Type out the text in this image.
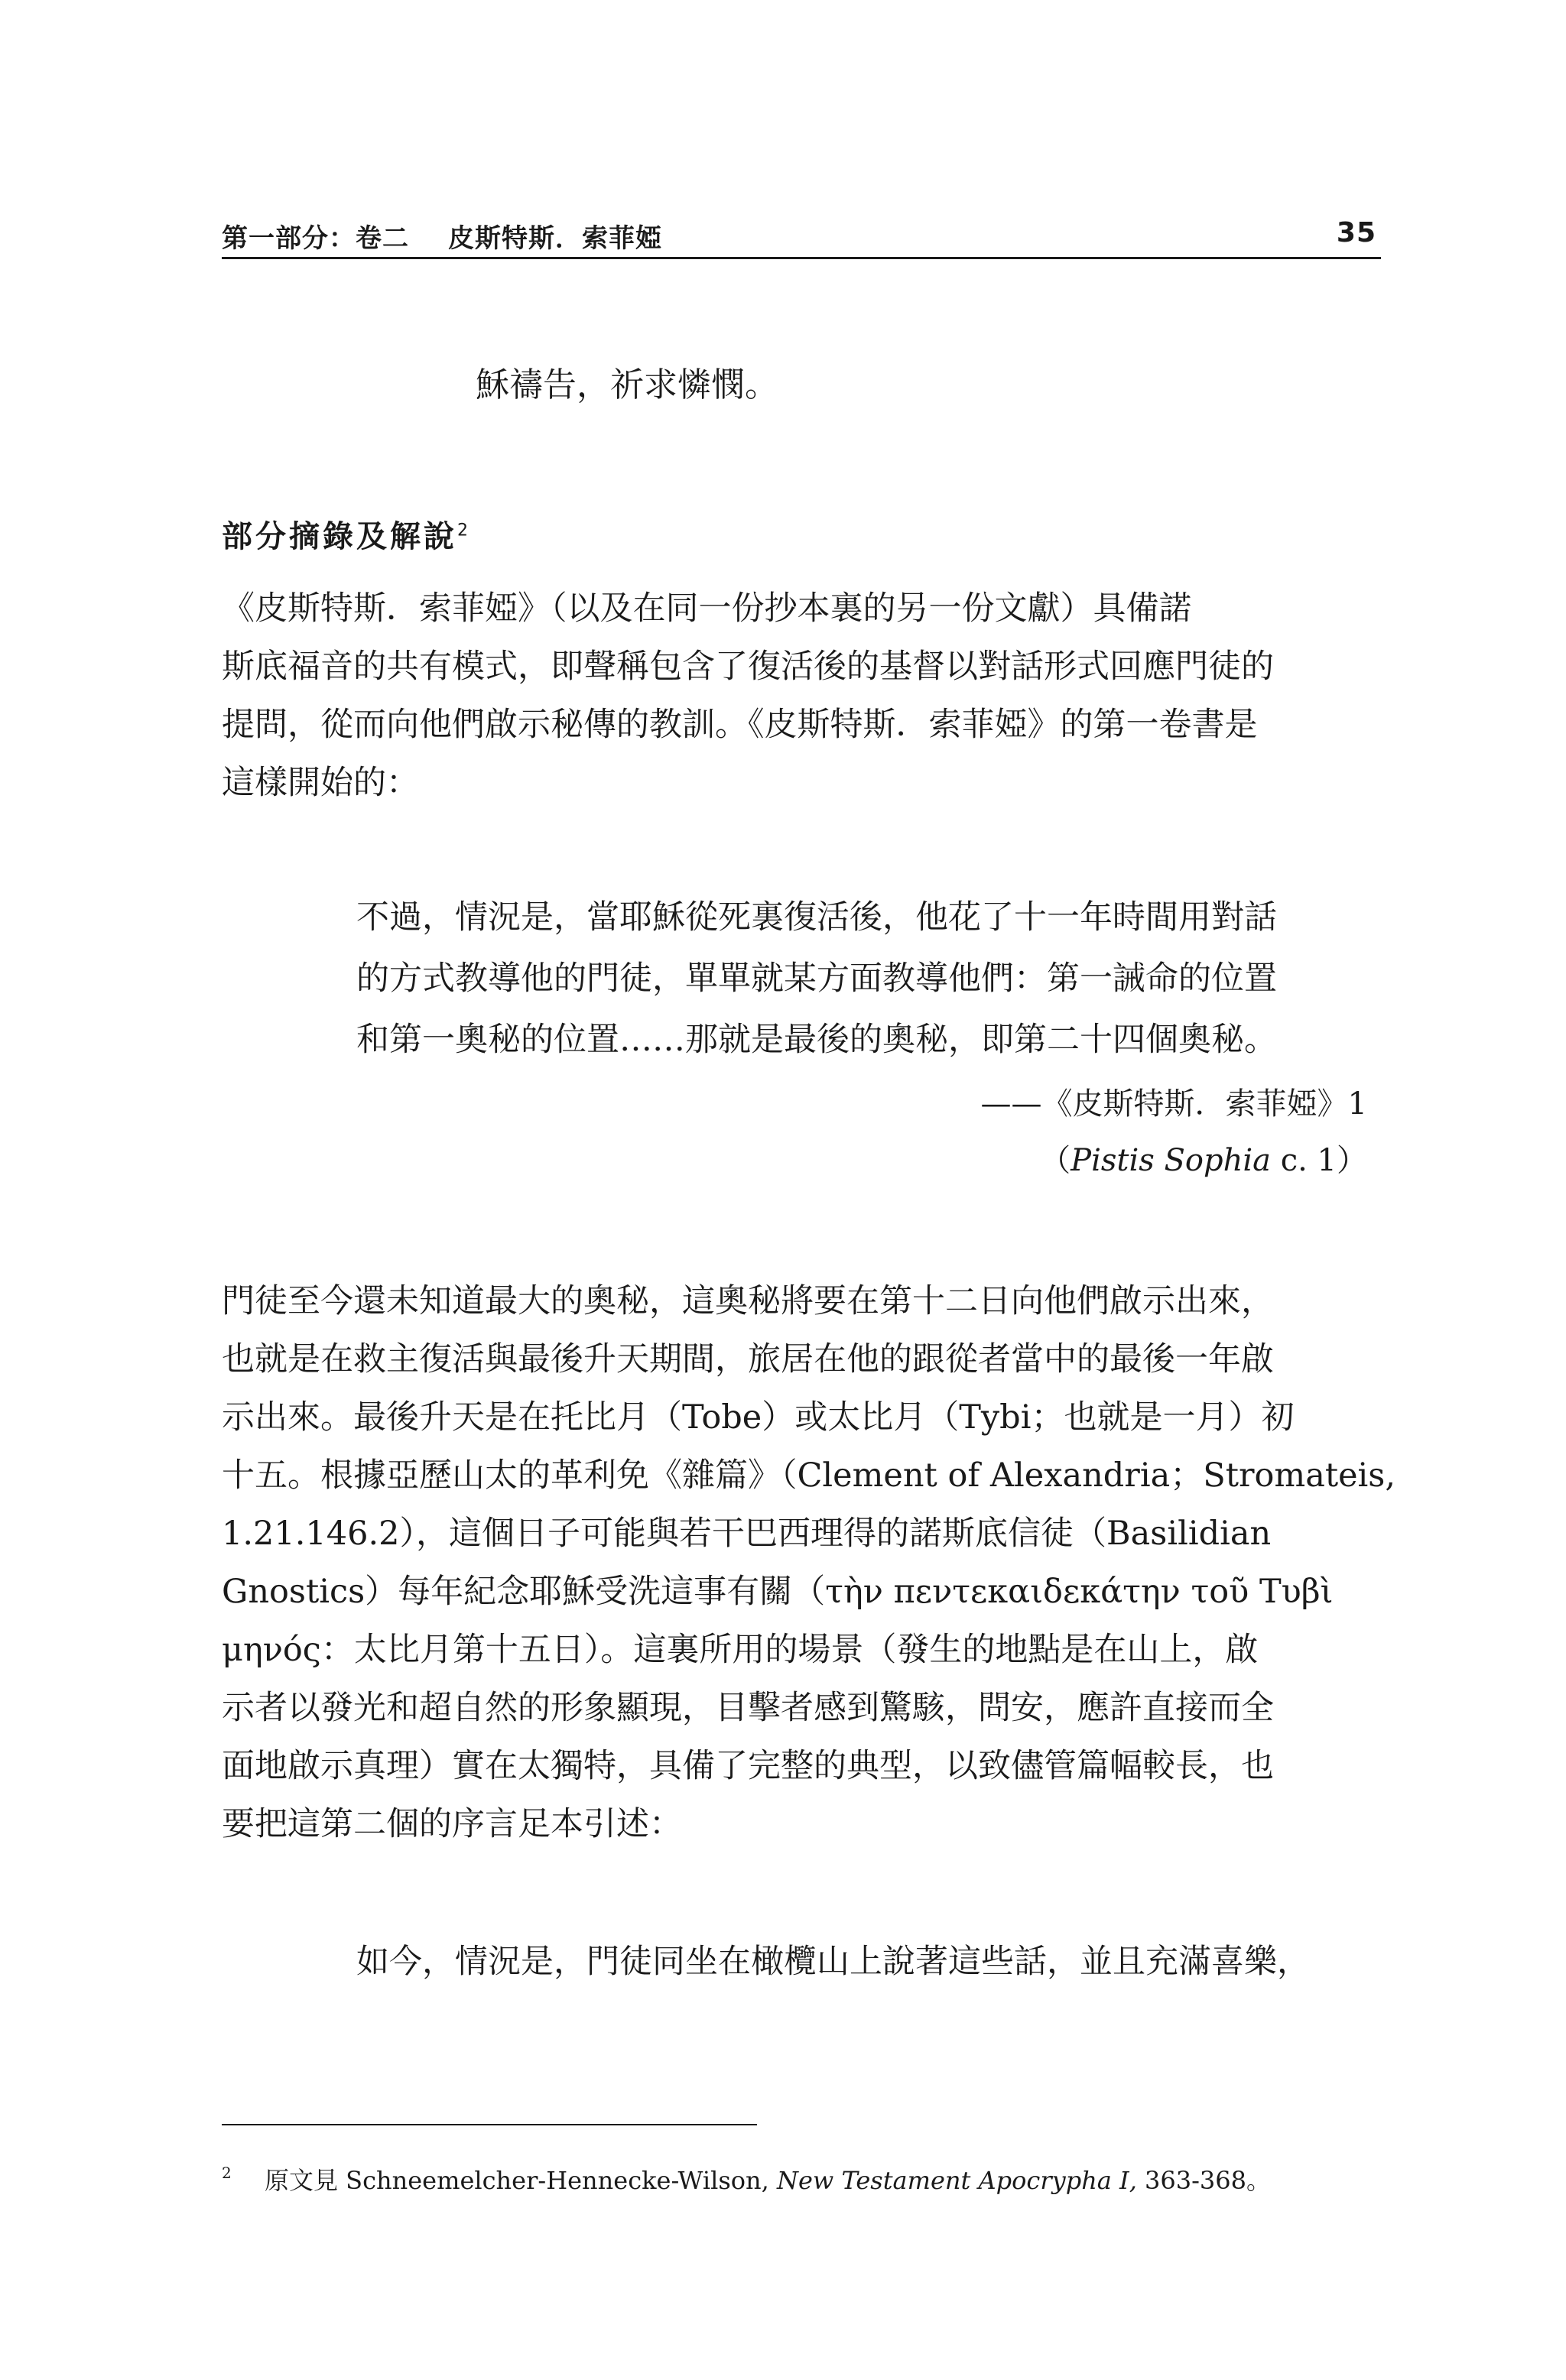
第一部分：卷二 皮斯特斯．索菲婭	35
穌禱告，祈求憐憫。
部分摘錄及解說$^2$
《皮斯特斯．索菲婭》（以及在同一份抄本裏的另一份文獻）具備諾
斯底福音的共有模式，即聲稱包含了復活後的基督以對話形式回應門徒的
提問，從而向他們啟示秘傳的教訓。《皮斯特斯．索菲婭》的第一卷書是
這樣開始的：
不過，情況是，當耶穌從死裏復活後，他花了十一年時間用對話
的方式教導他的門徒，單單就某方面教導他們：第一誡命的位置
和第一奧秘的位置……那就是最後的奧秘，即第二十四個奧秘。
——《皮斯特斯．索菲婭》1
（Pistis Sophia c. 1）
門徒至今還未知道最大的奧秘，這奧秘將要在第十二日向他們啟示出來，
也就是在救主復活與最後升天期間，旅居在他的跟從者當中的最後一年啟
示出來。最後升天是在托比月（Tobe）或太比月（Tybi；也就是一月）初
十五。根據亞歷山太的革利免《雜篇》（Clement of Alexandria；Stromateis,
1.21.146.2），這個日子可能與若干巴西理得的諾斯底信徒（Basilidian
Gnostics）每年紀念耶穌受洗這事有關（τὴν πεντεκαιδεκάτην τοῦ Τυβὶ
μηνός：太比月第十五日）。這裏所用的場景（發生的地點是在山上，啟
示者以發光和超自然的形象顯現，目擊者感到驚駭，問安，應許直接而全
面地啟示真理）實在太獨特，具備了完整的典型，以致儘管篇幅較長，也
要把這第二個的序言足本引述：
如今，情況是，門徒同坐在橄欖山上說著這些話，並且充滿喜樂，
2 原文見 Schneemelcher-Hennecke-Wilson, New Testament Apocrypha I, 363-368。
